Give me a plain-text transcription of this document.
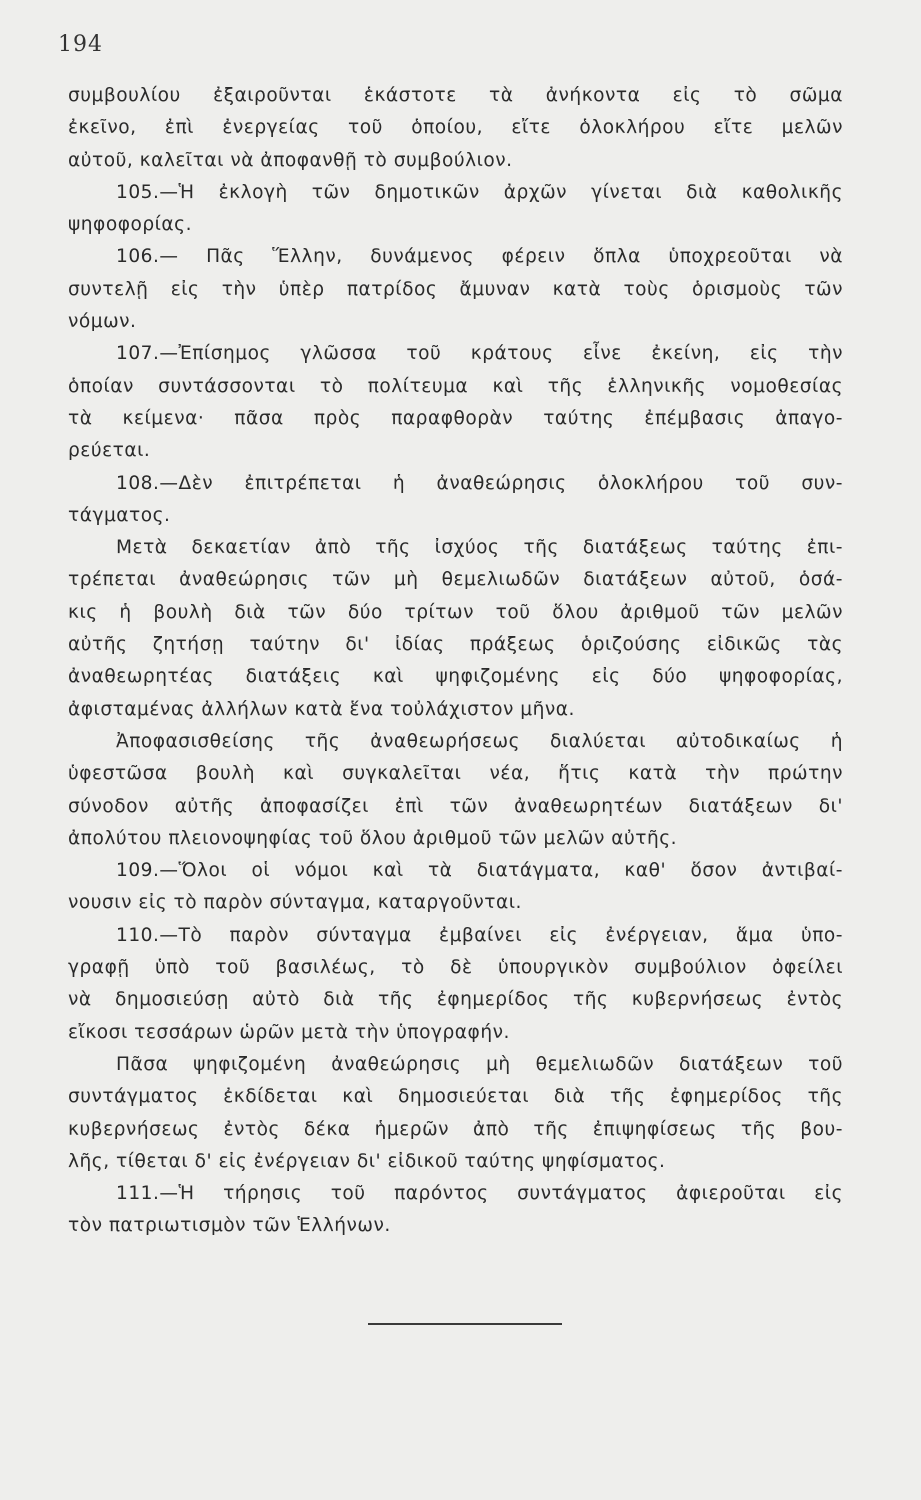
194
συμβουλίου ἐξαιροῦνται ἑκάστοτε τὰ ἀνήκοντα εἰς τὸ σῶμα
ἐκεῖνο, ἐπὶ ἐνεργείας τοῦ ὁποίου, εἴτε ὁλοκλήρου εἴτε μελῶν
αὐτοῦ, καλεῖται νὰ ἀποφανθῇ τὸ συμβούλιον.
105.—Ἡ ἐκλογὴ τῶν δημοτικῶν ἀρχῶν γίνεται διὰ καθολικῆς
ψηφοφορίας.
106.— Πᾶς Ἕλλην, δυνάμενος φέρειν ὅπλα ὑποχρεοῦται νὰ
συντελῇ εἰς τὴν ὑπὲρ πατρίδος ἄμυναν κατὰ τοὺς ὁρισμοὺς τῶν
νόμων.
107.—Ἐπίσημος γλῶσσα τοῦ κράτους εἶνε ἐκείνη, εἰς τὴν
ὁποίαν συντάσσονται τὸ πολίτευμα καὶ τῆς ἑλληνικῆς νομοθεσίας
τὰ κείμενα· πᾶσα πρὸς παραφθορὰν ταύτης ἐπέμβασις ἀπαγο-
ρεύεται.
108.—Δὲν ἐπιτρέπεται ἡ ἀναθεώρησις ὁλοκλήρου τοῦ συν-
τάγματος.
Μετὰ δεκαετίαν ἀπὸ τῆς ἰσχύος τῆς διατάξεως ταύτης ἐπι-
τρέπεται ἀναθεώρησις τῶν μὴ θεμελιωδῶν διατάξεων αὐτοῦ, ὁσά-
κις ἡ βουλὴ διὰ τῶν δύο τρίτων τοῦ ὅλου ἀριθμοῦ τῶν μελῶν
αὐτῆς ζητήσῃ ταύτην δι' ἰδίας πράξεως ὁριζούσης εἰδικῶς τὰς
ἀναθεωρητέας διατάξεις καὶ ψηφιζομένης εἰς δύο ψηφοφορίας,
ἀφισταμένας ἀλλήλων κατὰ ἕνα τοὐλάχιστον μῆνα.
Ἀποφασισθείσης τῆς ἀναθεωρήσεως διαλύεται αὐτοδικαίως ἡ
ὑφεστῶσα βουλὴ καὶ συγκαλεῖται νέα, ἥτις κατὰ τὴν πρώτην
σύνοδον αὐτῆς ἀποφασίζει ἐπὶ τῶν ἀναθεωρητέων διατάξεων δι'
ἀπολύτου πλειονοψηφίας τοῦ ὅλου ἀριθμοῦ τῶν μελῶν αὐτῆς.
109.—Ὅλοι οἱ νόμοι καὶ τὰ διατάγματα, καθ' ὅσον ἀντιβαί-
νουσιν εἰς τὸ παρὸν σύνταγμα, καταργοῦνται.
110.—Τὸ παρὸν σύνταγμα ἐμβαίνει εἰς ἐνέργειαν, ἅμα ὑπο-
γραφῇ ὑπὸ τοῦ βασιλέως, τὸ δὲ ὑπουργικὸν συμβούλιον ὀφείλει
νὰ δημοσιεύσῃ αὐτὸ διὰ τῆς ἐφημερίδος τῆς κυβερνήσεως ἐντὸς
εἴκοσι τεσσάρων ὡρῶν μετὰ τὴν ὑπογραφήν.
Πᾶσα ψηφιζομένη ἀναθεώρησις μὴ θεμελιωδῶν διατάξεων τοῦ
συντάγματος ἐκδίδεται καὶ δημοσιεύεται διὰ τῆς ἐφημερίδος τῆς
κυβερνήσεως ἐντὸς δέκα ἡμερῶν ἀπὸ τῆς ἐπιψηφίσεως τῆς βου-
λῆς, τίθεται δ' εἰς ἐνέργειαν δι' εἰδικοῦ ταύτης ψηφίσματος.
111.—Ἡ τήρησις τοῦ παρόντος συντάγματος ἀφιεροῦται εἰς
τὸν πατριωτισμὸν τῶν Ἑλλήνων.
